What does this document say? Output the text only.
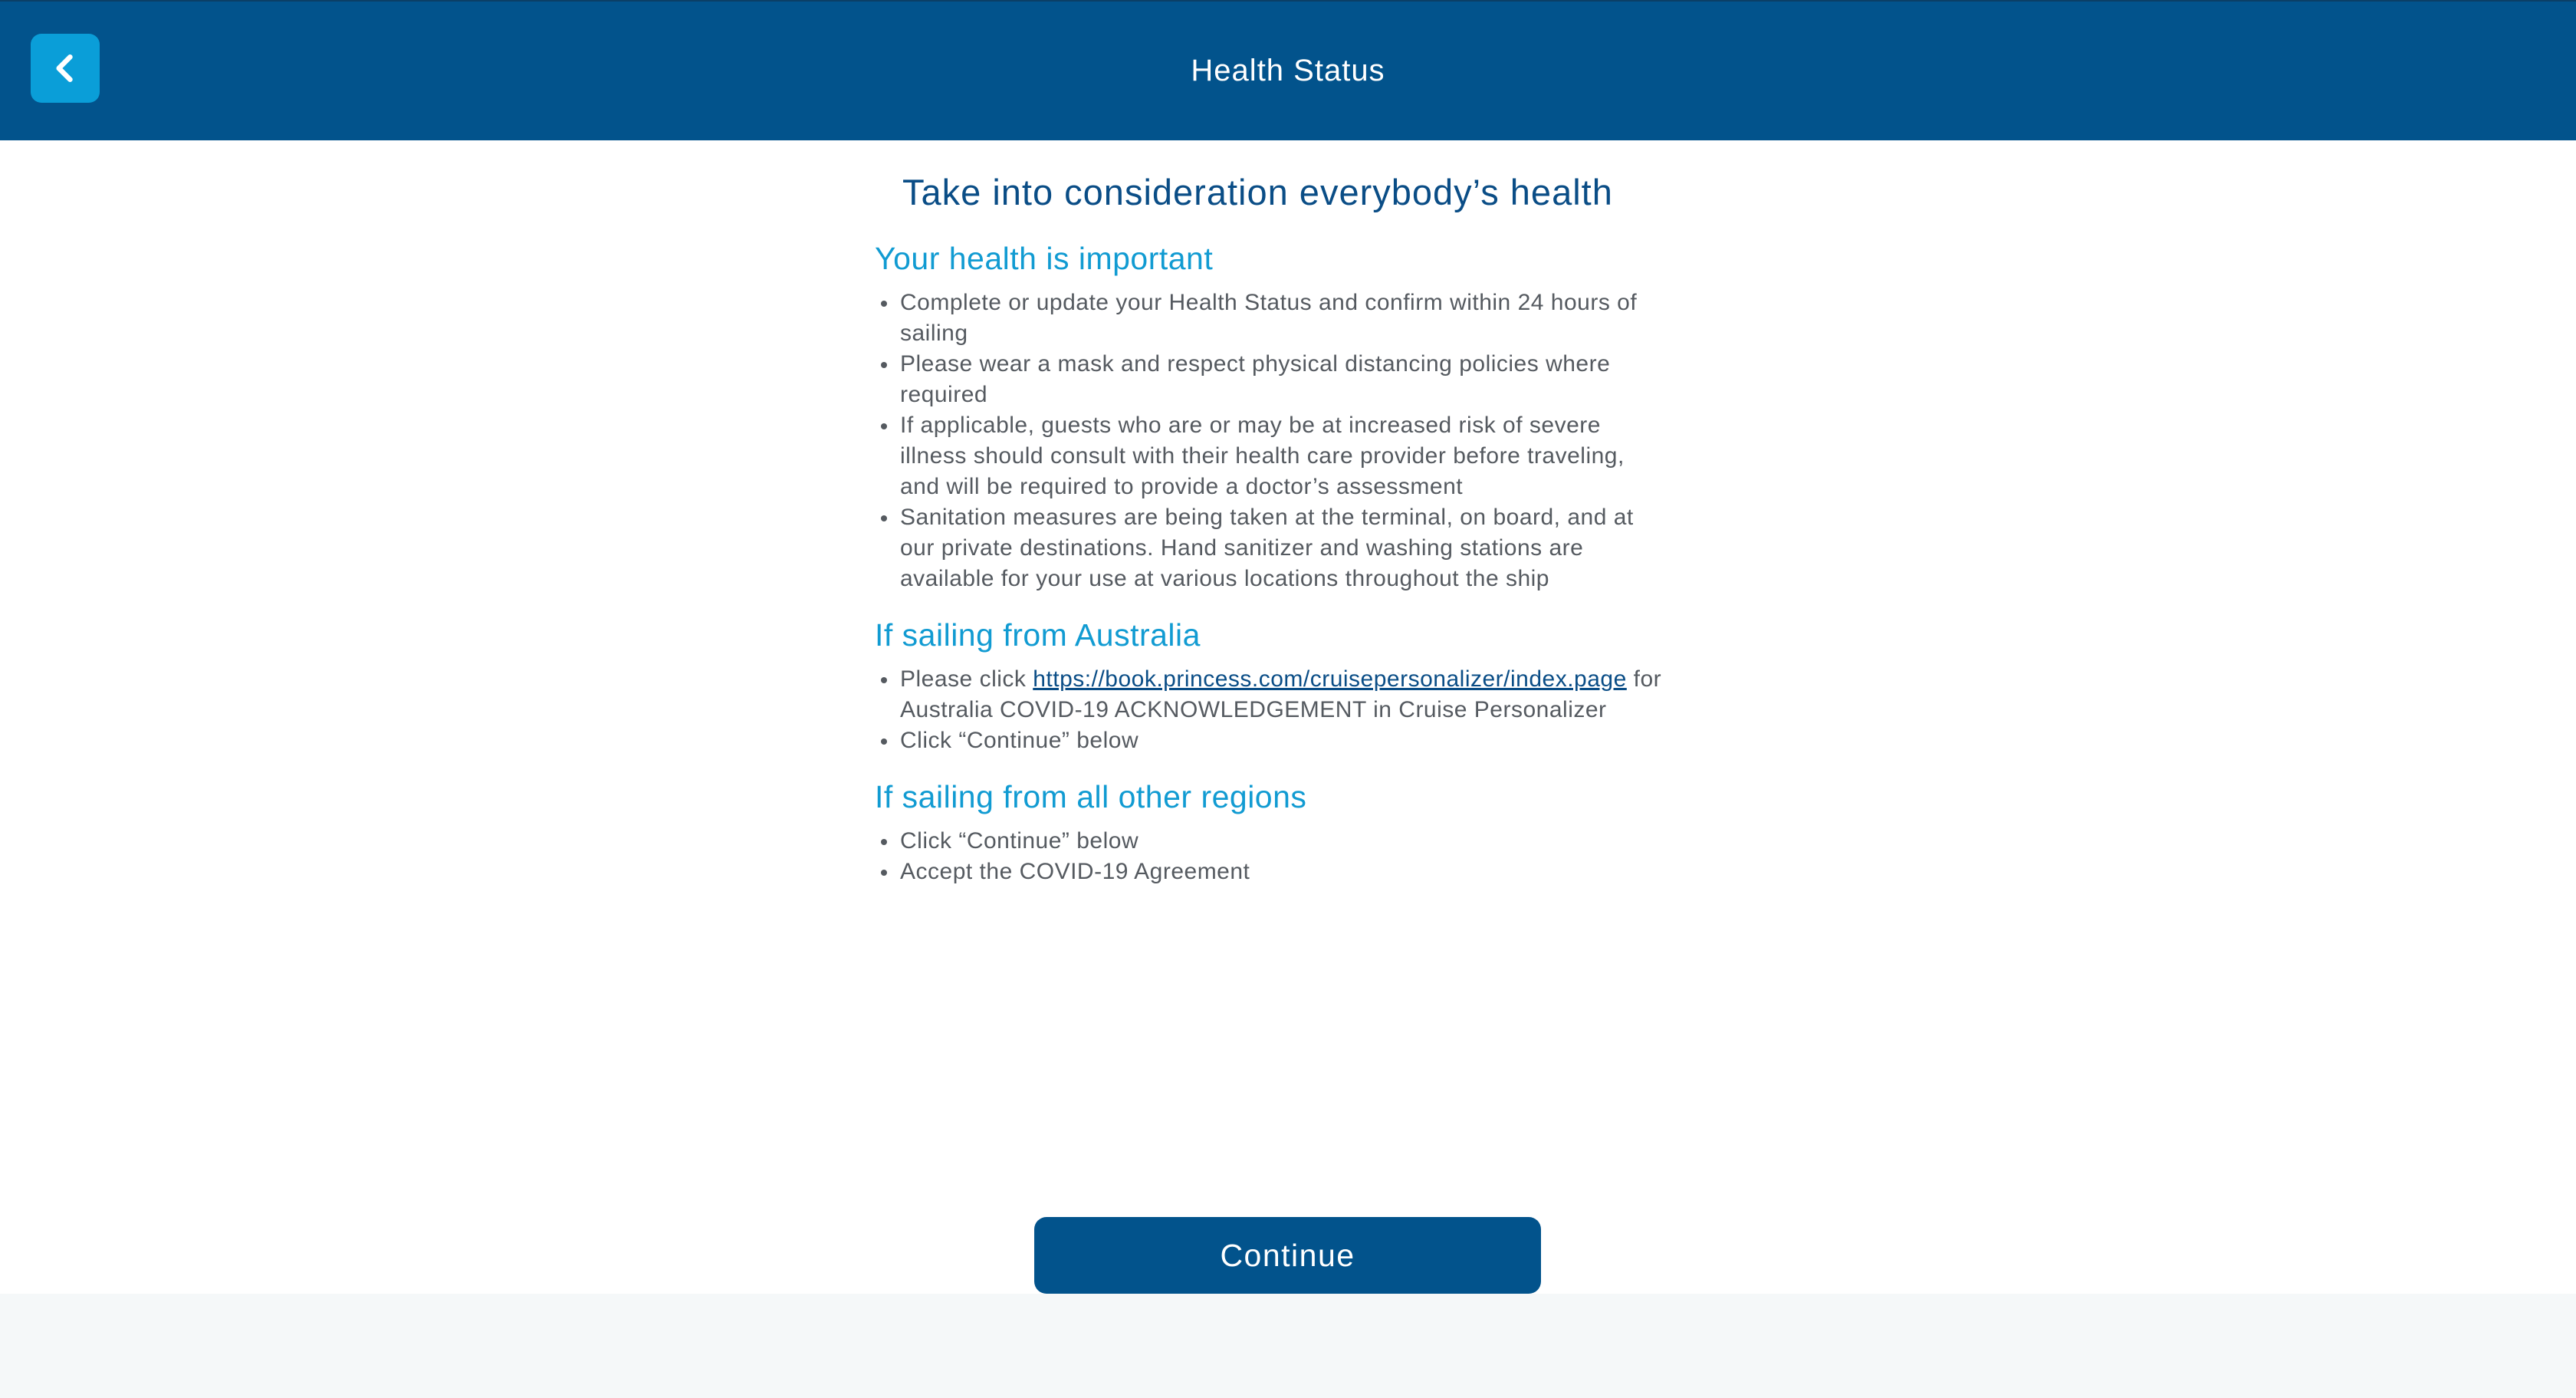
Health Status
Take into consideration everybody’s health
Your health is important
Complete or update your Health Status and confirm within 24 hours of sailing
Please wear a mask and respect physical distancing policies where required
If applicable, guests who are or may be at increased risk of severe illness should consult with their health care provider before traveling, and will be required to provide a doctor’s assessment
Sanitation measures are being taken at the terminal, on board, and at our private destinations. Hand sanitizer and washing stations are available for your use at various locations throughout the ship
If sailing from Australia
Please click https://book.princess.com/cruisepersonalizer/index.page for Australia COVID-19 ACKNOWLEDGEMENT in Cruise Personalizer
Click “Continue” below
If sailing from all other regions
Click “Continue” below
Accept the COVID-19 Agreement
Continue
